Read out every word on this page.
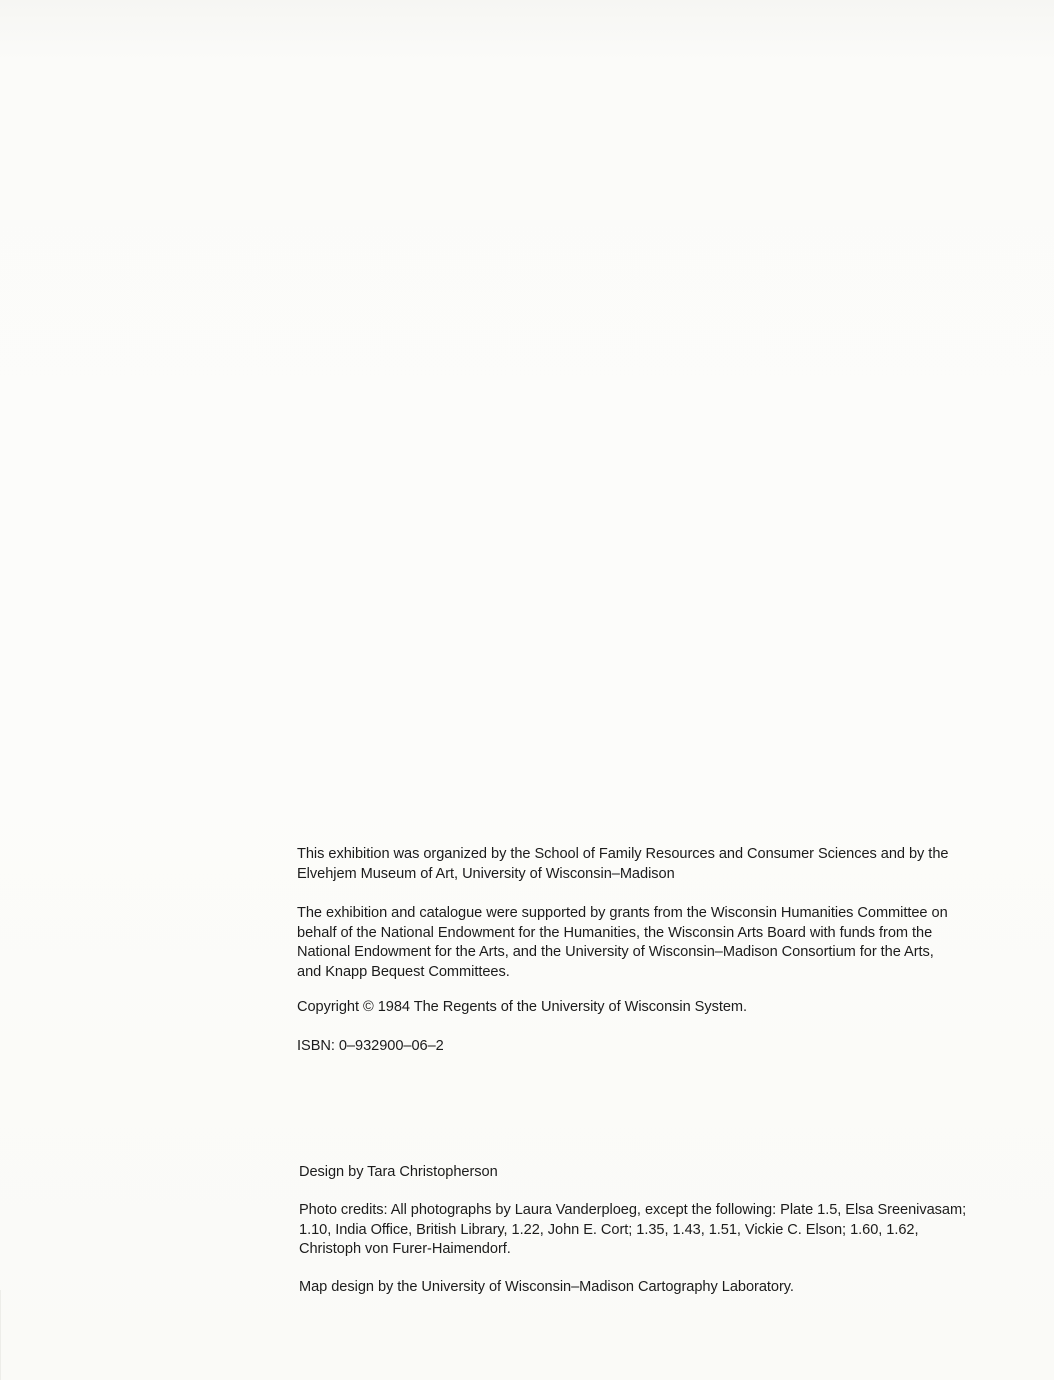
This exhibition was organized by the School of Family Resources and Consumer Sciences and by the Elvehjem Museum of Art, University of Wisconsin–Madison

The exhibition and catalogue were supported by grants from the Wisconsin Humanities Committee on behalf of the National Endowment for the Humanities, the Wisconsin Arts Board with funds from the National Endowment for the Arts, and the University of Wisconsin–Madison Consortium for the Arts, and Knapp Bequest Committees.

Copyright © 1984 The Regents of the University of Wisconsin System.

ISBN: 0–932900–06–2

Design by Tara Christopherson

Photo credits: All photographs by Laura Vanderploeg, except the following: Plate 1.5, Elsa Sreenivasam; 1.10, India Office, British Library, 1.22, John E. Cort; 1.35, 1.43, 1.51, Vickie C. Elson; 1.60, 1.62, Christoph von Furer-Haimendorf.

Map design by the University of Wisconsin–Madison Cartography Laboratory.
